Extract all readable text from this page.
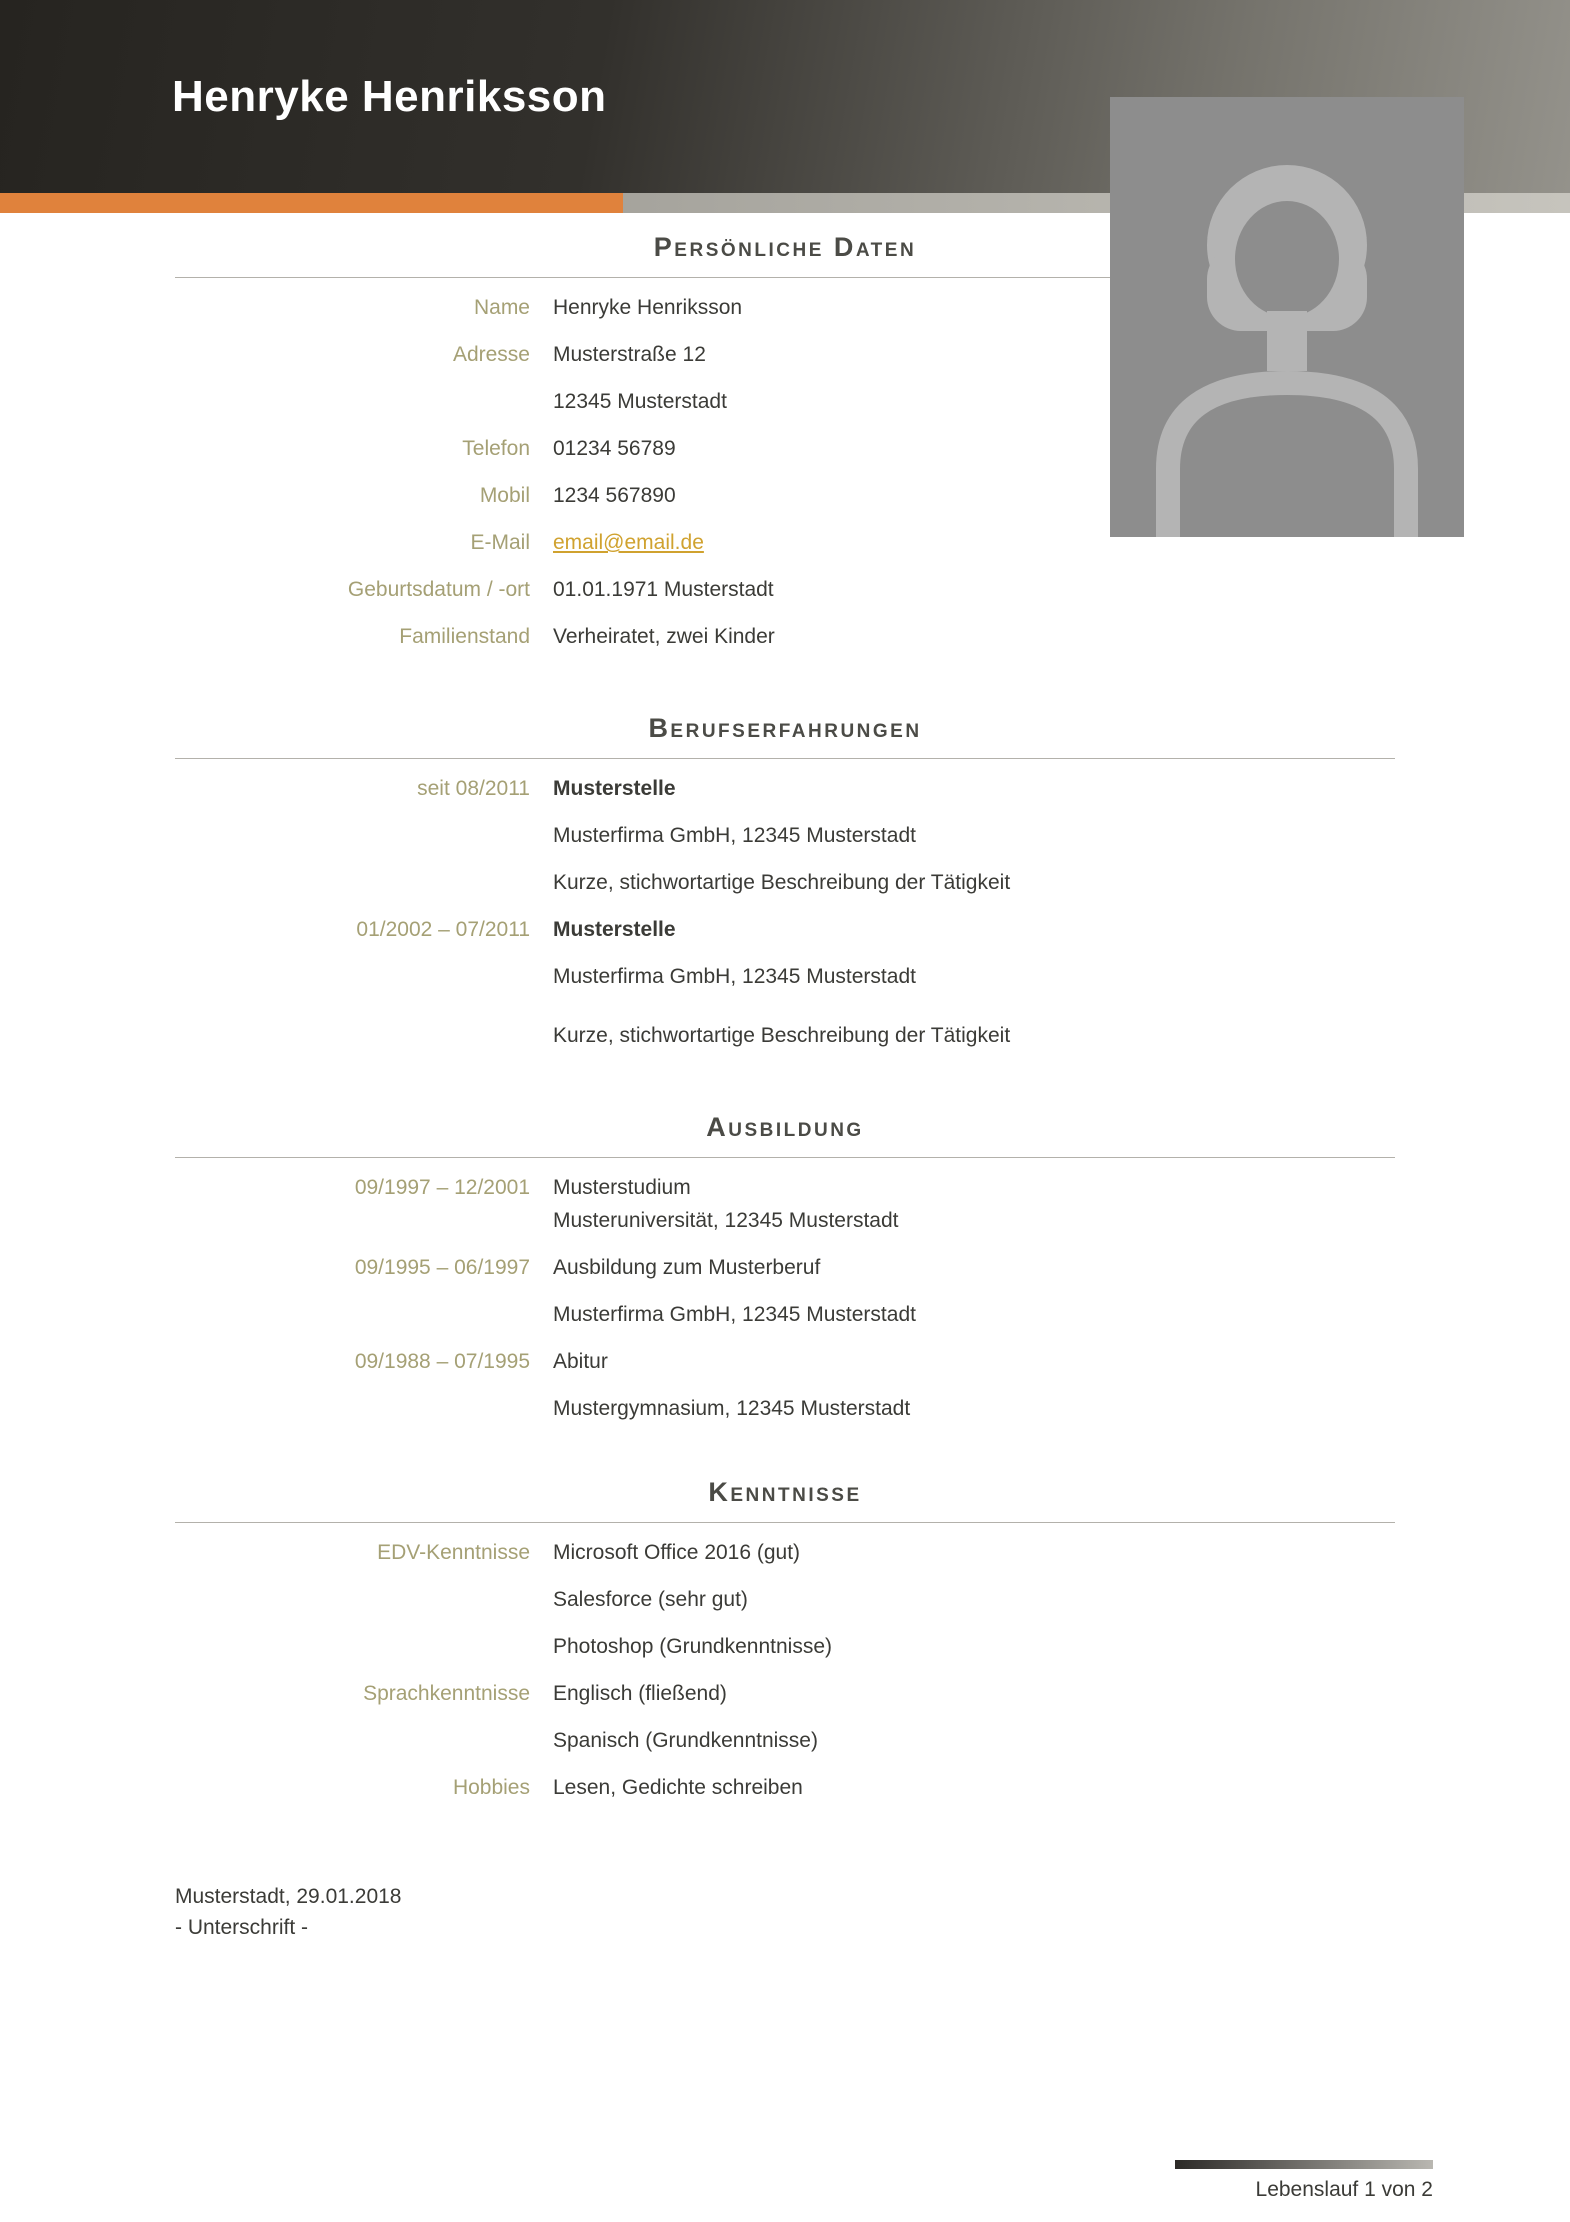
Henryke Henriksson
Persönliche Daten
Name Henryke Henriksson
Adresse Musterstraße 12
12345 Musterstadt
Telefon 01234 56789
Mobil 1234 567890
E-Mail email@email.de
Geburtsdatum / -ort 01.01.1971 Musterstadt
Familienstand Verheiratet, zwei Kinder
Berufserfahrungen
seit 08/2011 Musterstelle
Musterfirma GmbH, 12345 Musterstadt
Kurze, stichwortartige Beschreibung der Tätigkeit
01/2002 – 07/2011 Musterstelle
Musterfirma GmbH, 12345 Musterstadt
Kurze, stichwortartige Beschreibung der Tätigkeit
Ausbildung
09/1997 – 12/2001 Musterstudium
Musteruniversität, 12345 Musterstadt
09/1995 – 06/1997 Ausbildung zum Musterberuf
Musterfirma GmbH, 12345 Musterstadt
09/1988 – 07/1995 Abitur
Mustergymnasium, 12345 Musterstadt
Kenntnisse
EDV-Kenntnisse Microsoft Office 2016 (gut)
Salesforce (sehr gut)
Photoshop (Grundkenntnisse)
Sprachkenntnisse Englisch (fließend)
Spanisch (Grundkenntnisse)
Hobbies Lesen, Gedichte schreiben
Musterstadt, 29.01.2018
- Unterschrift -
Lebenslauf 1 von 2
